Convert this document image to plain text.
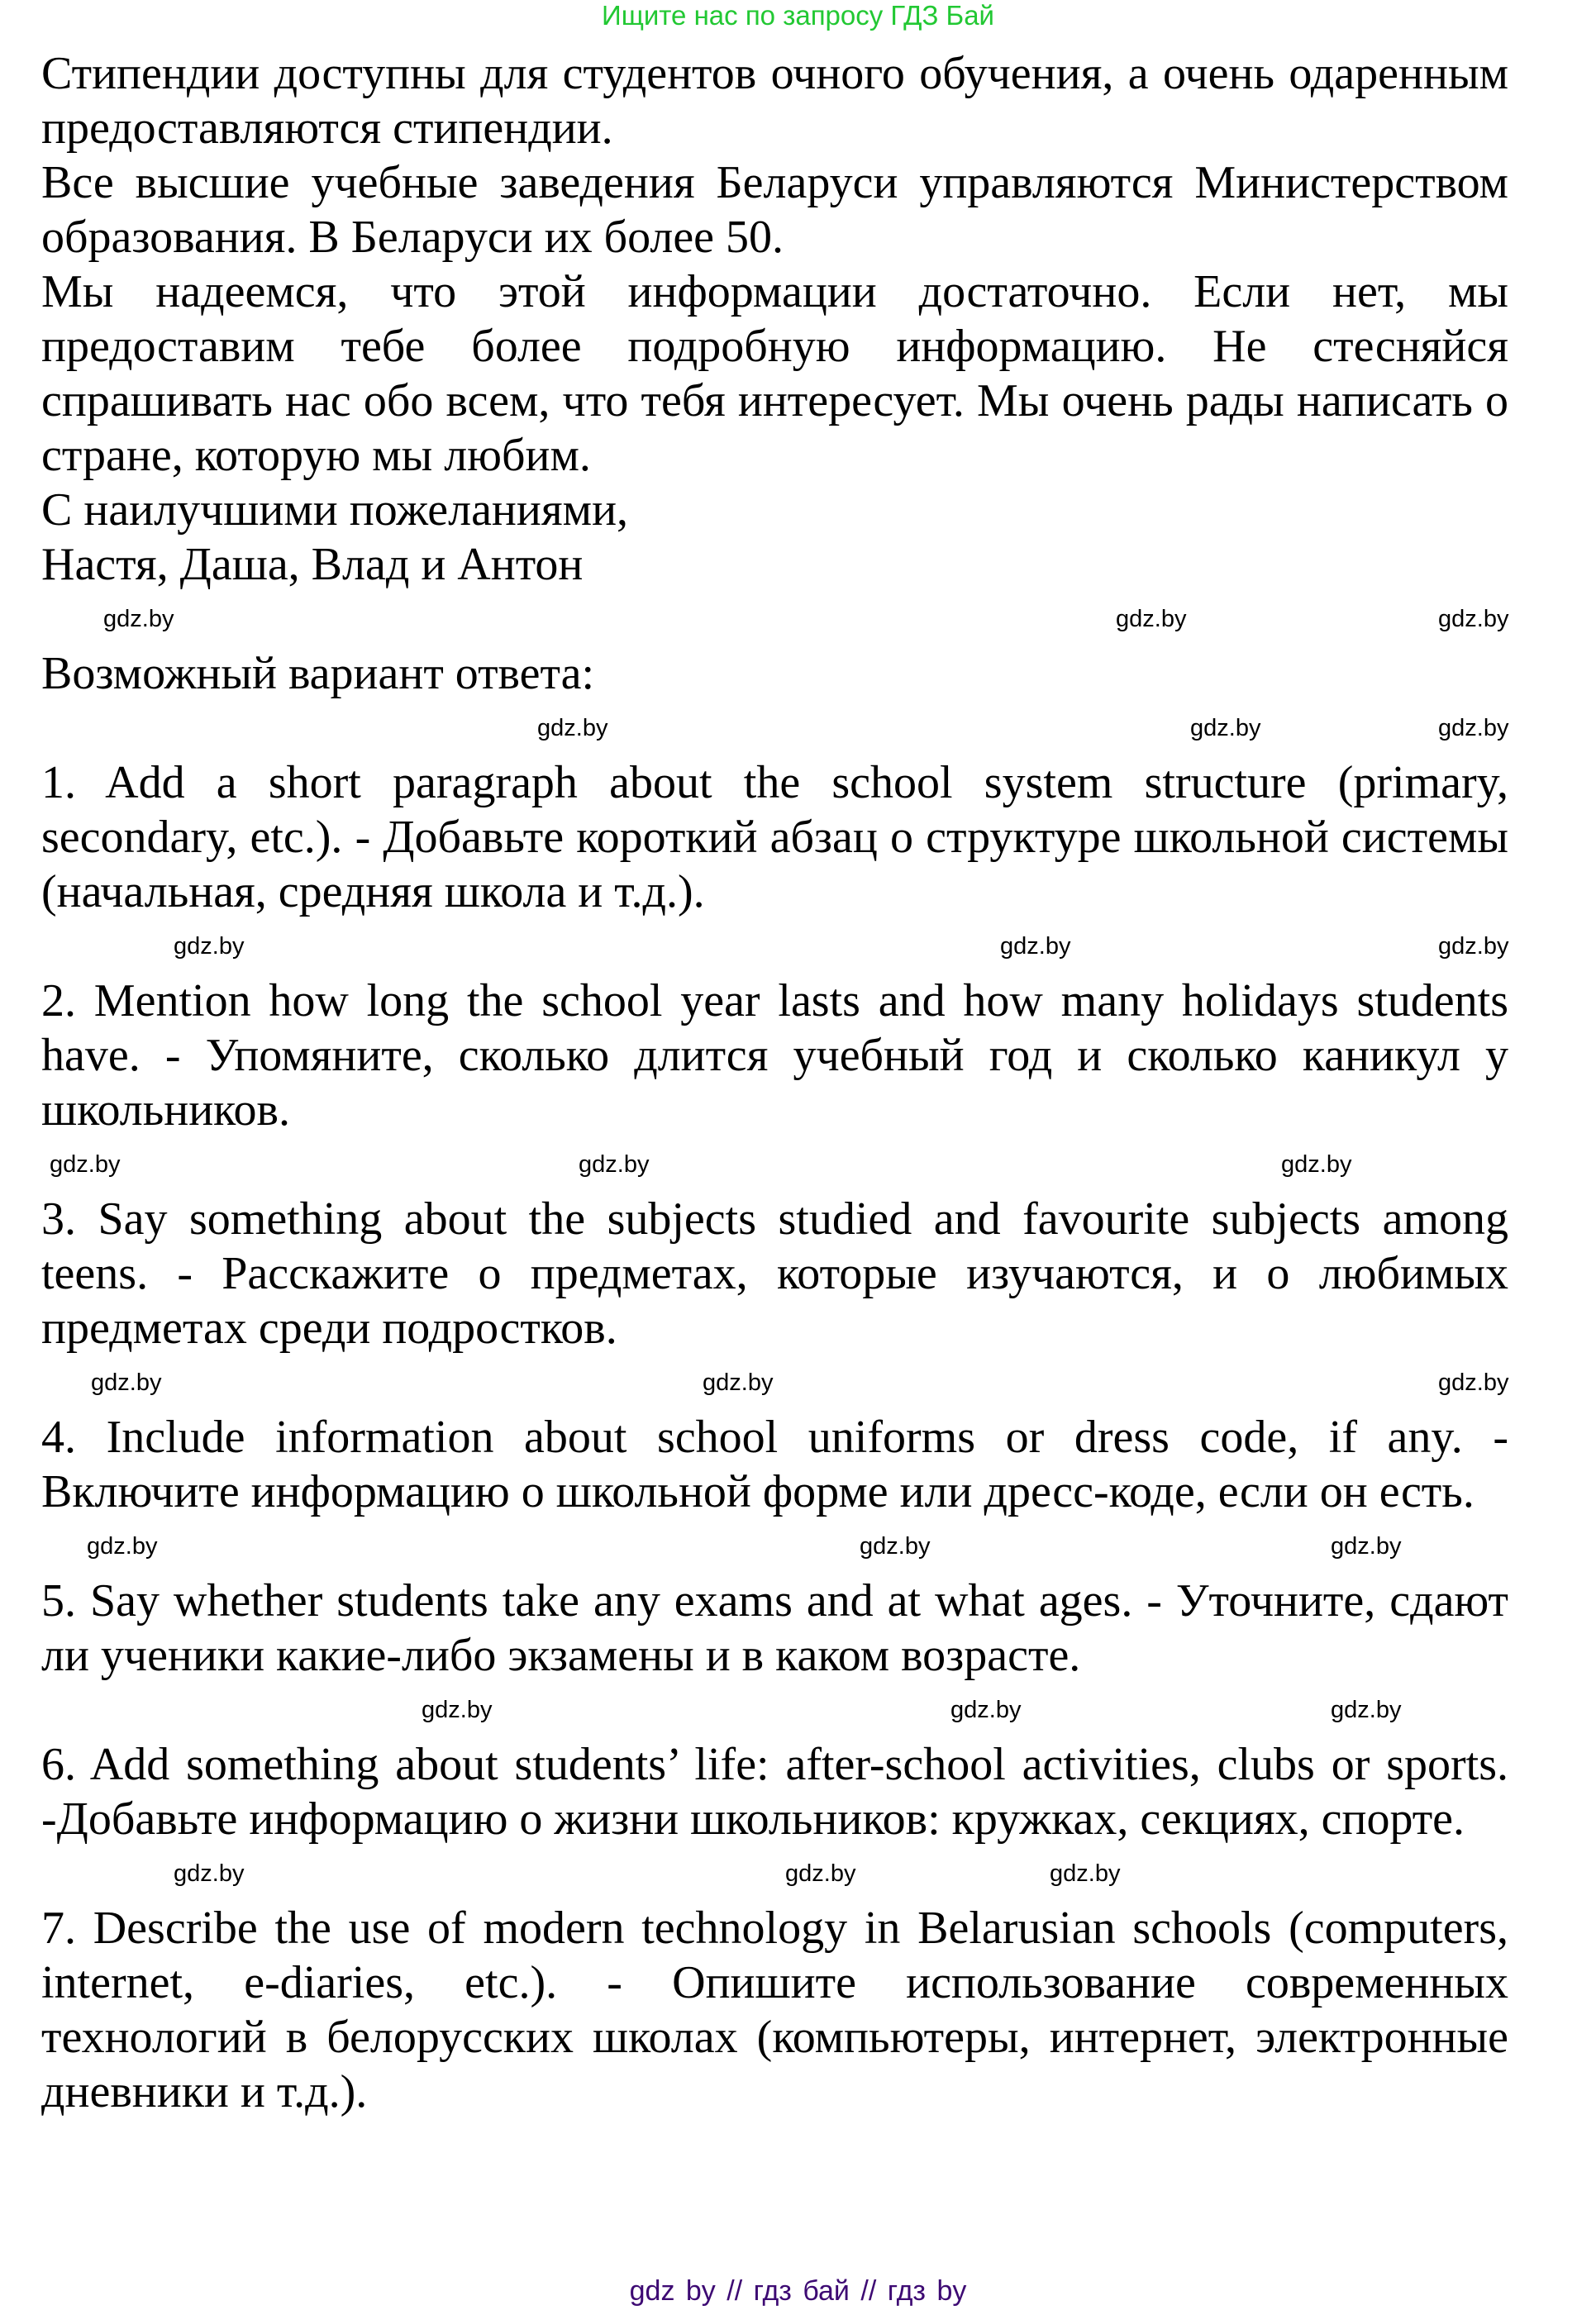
Ищите нас по запросу ГДЗ Бай

Стипендии доступны для студентов очного обучения, а очень одаренным предоставляются стипендии.

Все высшие учебные заведения Беларуси управляются Министерством образования. В Беларуси их более 50.

Мы надеемся, что этой информации достаточно. Если нет, мы предоставим тебе более подробную информацию. Не стесняйся спрашивать нас обо всем, что тебя интересует. Мы очень рады написать о стране, которую мы любим.

С наилучшими пожеланиями,

Настя, Даша, Влад и Антон

gdz.by	gdz.by	gdz.by

Возможный вариант ответа:

gdz.by	gdz.by	gdz.by

1. Add a short paragraph about the school system structure (primary, secondary, etc.). - Добавьте короткий абзац о структуре школьной системы (начальная, средняя школа и т.д.).

gdz.by	gdz.by	gdz.by

2. Mention how long the school year lasts and how many holidays students have. - Упомяните, сколько длится учебный год и сколько каникул у школьников.

gdz.by	gdz.by	gdz.by

3. Say something about the subjects studied and favourite subjects among teens. - Расскажите о предметах, которые изучаются, и о любимых предметах среди подростков.

gdz.by	gdz.by
gdz.by

4. Include information about school uniforms or dress code, if any. - Включите информацию о школьной форме или дресс-коде, если он есть.

gdz.by	gdz.by	gdz.by

5. Say whether students take any exams and at what ages. - Уточните, сдают ли ученики какие-либо экзамены и в каком возрасте.

gdz.by	gdz.by	gdz.by

6. Add something about students’ life: after-school activities, clubs or sports. -Добавьте информацию о жизни школьников: кружках, секциях, спорте.

gdz.by	gdz.by	gdz.by

7. Describe the use of modern technology in Belarusian schools (computers, internet, e-diaries, etc.). - Опишите использование современных технологий в белорусских школах (компьютеры, интернет, электронные дневники и т.д.).

gdz by // гдз бай // гдз by
